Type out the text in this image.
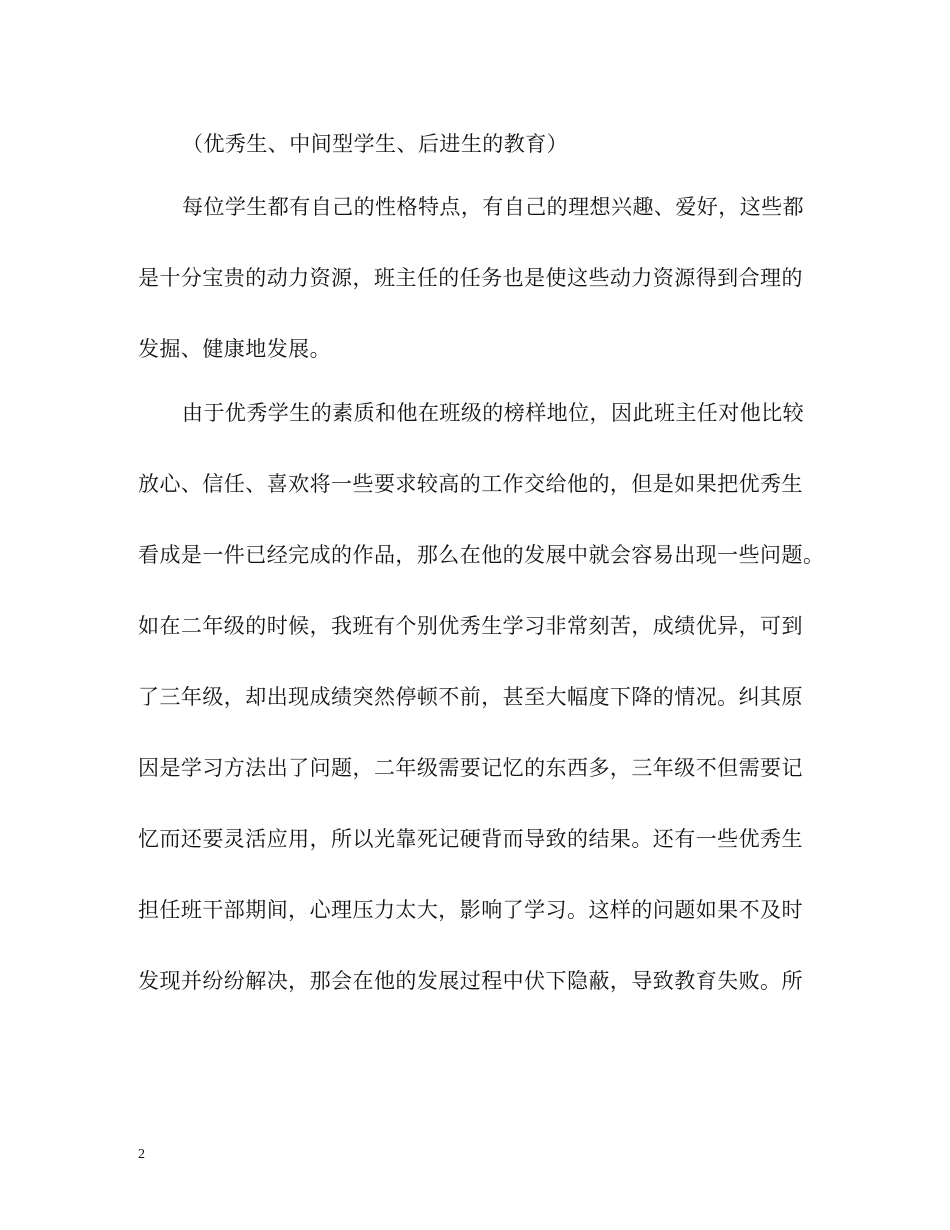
（优秀生、中间型学生、后进生的教育）
每位学生都有自己的性格特点，有自己的理想兴趣、爱好，这些都
是十分宝贵的动力资源，班主任的任务也是使这些动力资源得到合理的
发掘、健康地发展。
由于优秀学生的素质和他在班级的榜样地位，因此班主任对他比较
放心、信任、喜欢将一些要求较高的工作交给他的，但是如果把优秀生
看成是一件已经完成的作品，那么在他的发展中就会容易出现一些问题。
如在二年级的时候，我班有个别优秀生学习非常刻苦，成绩优异，可到
了三年级，却出现成绩突然停顿不前，甚至大幅度下降的情况。纠其原
因是学习方法出了问题，二年级需要记忆的东西多，三年级不但需要记
忆而还要灵活应用，所以光靠死记硬背而导致的结果。还有一些优秀生
担任班干部期间，心理压力太大，影响了学习。这样的问题如果不及时
发现并纷纷解决，那会在他的发展过程中伏下隐蔽，导致教育失败。所
2
